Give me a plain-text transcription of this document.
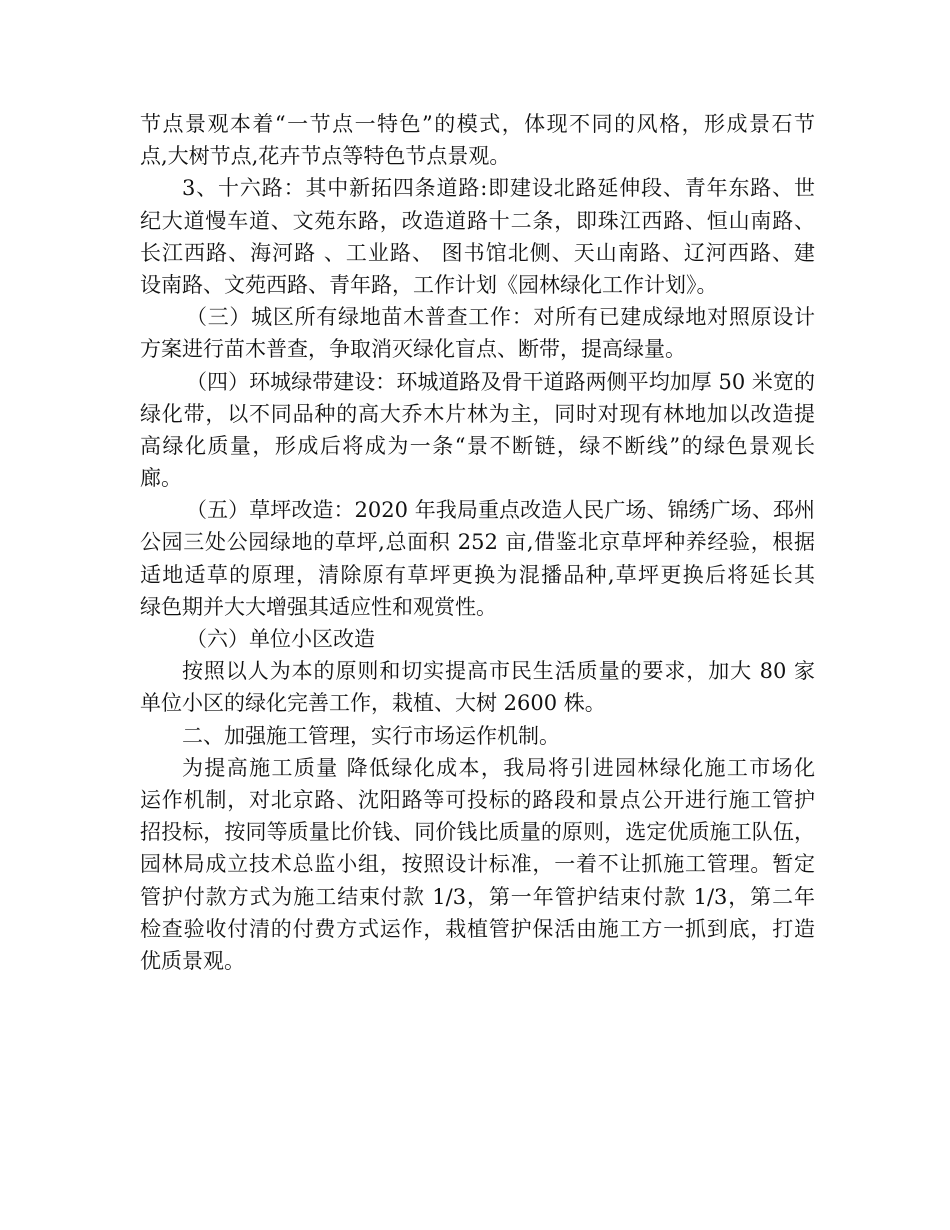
节点景观本着“一节点一特色”的模式，体现不同的风格，形成景石节
点,大树节点,花卉节点等特色节点景观。
3、十六路：其中新拓四条道路:即建设北路延伸段、青年东路、世
纪大道慢车道、文苑东路，改造道路十二条，即珠江西路、恒山南路、
长江西路、海河路 、工业路、 图书馆北侧、天山南路、辽河西路、建
设南路、文苑西路、青年路，工作计划《园林绿化工作计划》。
（三）城区所有绿地苗木普查工作：对所有已建成绿地对照原设计
方案进行苗木普查，争取消灭绿化盲点、断带，提高绿量。
（四）环城绿带建设：环城道路及骨干道路两侧平均加厚 50 米宽的
绿化带，以不同品种的高大乔木片林为主，同时对现有林地加以改造提
高绿化质量，形成后将成为一条“景不断链，绿不断线”的绿色景观长
廊。
（五）草坪改造：2020 年我局重点改造人民广场、锦绣广场、邳州
公园三处公园绿地的草坪,总面积 252 亩,借鉴北京草坪种养经验，根据
适地适草的原理，清除原有草坪更换为混播品种,草坪更换后将延长其
绿色期并大大增强其适应性和观赏性。
（六）单位小区改造
按照以人为本的原则和切实提高市民生活质量的要求，加大 80 家
单位小区的绿化完善工作，栽植、大树 2600 株。
二、加强施工管理，实行市场运作机制。
为提高施工质量 降低绿化成本，我局将引进园林绿化施工市场化
运作机制，对北京路、沈阳路等可投标的路段和景点公开进行施工管护
招投标，按同等质量比价钱、同价钱比质量的原则，选定优质施工队伍，
园林局成立技术总监小组，按照设计标准，一着不让抓施工管理。暂定
管护付款方式为施工结束付款 1/3，第一年管护结束付款 1/3，第二年
检查验收付清的付费方式运作，栽植管护保活由施工方一抓到底，打造
优质景观。
